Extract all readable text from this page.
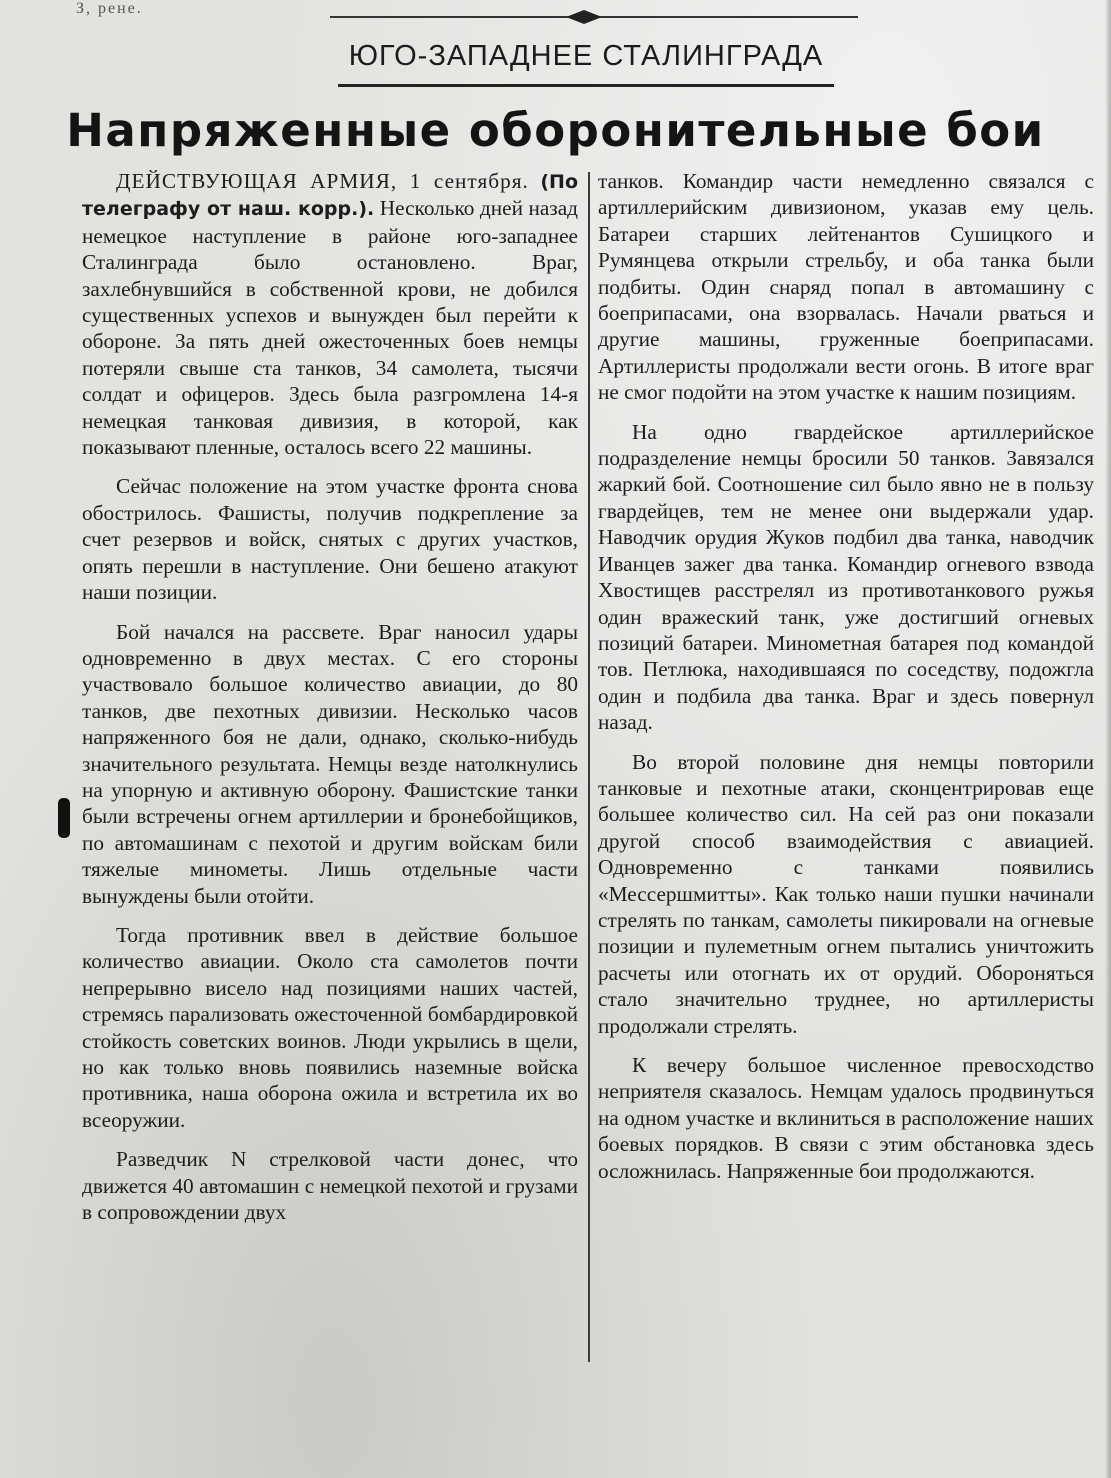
З, рене.
ЮГО-ЗАПАДНЕЕ СТАЛИНГРАДА
Напряженные оборонительные бои

ДЕЙСТВУЮЩАЯ АРМИЯ, 1 сентября. (По телеграфу от наш. корр.). Несколько дней назад немецкое наступление в районе юго-западнее Сталинграда было остановлено. Враг, захлебнувшийся в собственной крови, не добился существенных успехов и вынужден был перейти к обороне. За пять дней ожесточенных боев немцы потеряли свыше ста танков, 34 самолета, тысячи солдат и офицеров. Здесь была разгромлена 14-я немецкая танковая дивизия, в которой, как показывают пленные, осталось всего 22 машины.

Сейчас положение на этом участке фронта снова обострилось. Фашисты, получив подкрепление за счет резервов и войск, снятых с других участков, опять перешли в наступление. Они бешено атакуют наши позиции.

Бой начался на рассвете. Враг наносил удары одновременно в двух местах. С его стороны участвовало большое количество авиации, до 80 танков, две пехотных дивизии. Несколько часов напряженного боя не дали, однако, сколько-нибудь значительного результата. Немцы везде натолкнулись на упорную и активную оборону. Фашистские танки были встречены огнем артиллерии и бронебойщиков, по автомашинам с пехотой и другим войскам били тяжелые минометы. Лишь отдельные части вынуждены были отойти.

Тогда противник ввел в действие большое количество авиации. Около ста самолетов почти непрерывно висело над позициями наших частей, стремясь парализовать ожесточенной бомбардировкой стойкость советских воинов. Люди укрылись в щели, но как только вновь появились наземные войска противника, наша оборона ожила и встретила их во всеоружии.

Разведчик N стрелковой части донес, что движется 40 автомашин с немецкой пехотой и грузами в сопровождении двух

танков. Командир части немедленно связался с артиллерийским дивизионом, указав ему цель. Батареи старших лейтенантов Сушицкого и Румянцева открыли стрельбу, и оба танка были подбиты. Один снаряд попал в автомашину с боеприпасами, она взорвалась. Начали рваться и другие машины, груженные боеприпасами. Артиллеристы продолжали вести огонь. В итоге враг не смог подойти на этом участке к нашим позициям.

На одно гвардейское артиллерийское подразделение немцы бросили 50 танков. Завязался жаркий бой. Соотношение сил было явно не в пользу гвардейцев, тем не менее они выдержали удар. Наводчик орудия Жуков подбил два танка, наводчик Иванцев зажег два танка. Командир огневого взвода Хвостищев расстрелял из противотанкового ружья один вражеский танк, уже достигший огневых позиций батареи. Минометная батарея под командой тов. Петлюка, находившаяся по соседству, подожгла один и подбила два танка. Враг и здесь повернул назад.

Во второй половине дня немцы повторили танковые и пехотные атаки, сконцентрировав еще большее количество сил. На сей раз они показали другой способ взаимодействия с авиацией. Одновременно с танками появились «Мессершмитты». Как только наши пушки начинали стрелять по танкам, самолеты пикировали на огневые позиции и пулеметным огнем пытались уничтожить расчеты или отогнать их от орудий. Обороняться стало значительно труднее, но артиллеристы продолжали стрелять.

К вечеру большое численное превосходство неприятеля сказалось. Немцам удалось продвинуться на одном участке и вклиниться в расположение наших боевых порядков. В связи с этим обстановка здесь осложнилась. Напряженные бои продолжаются.
